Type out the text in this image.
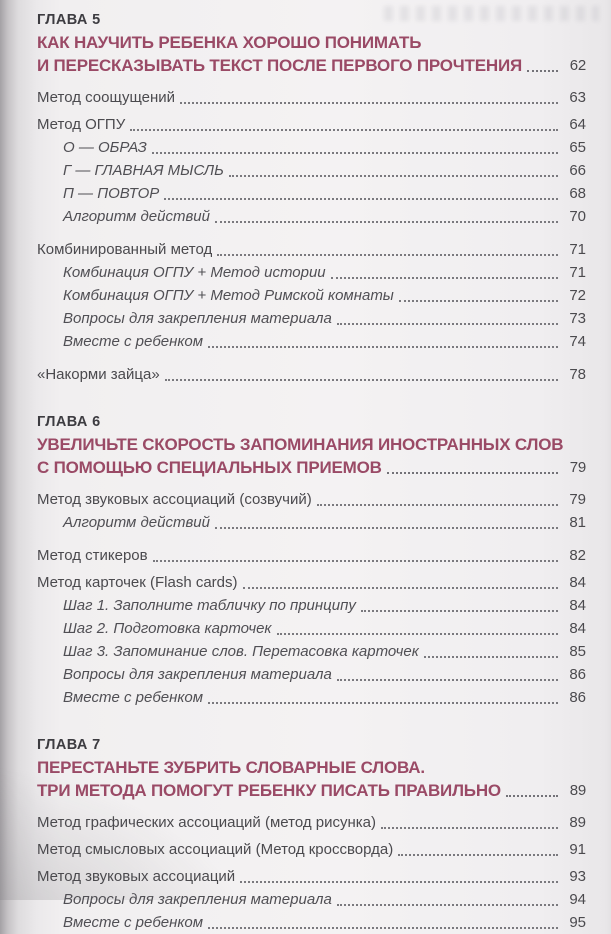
ГЛАВА 5
КАК НАУЧИТЬ РЕБЕНКА ХОРОШО ПОНИМАТЬ
И ПЕРЕСКАЗЫВАТЬ ТЕКСТ ПОСЛЕ ПЕРВОГО ПРОЧТЕНИЯ	62
Метод соощущений	63
Метод ОГПУ	64
О — ОБРАЗ	65
Г — ГЛАВНАЯ МЫСЛЬ	66
П — ПОВТОР	68
Алгоритм действий	70
Комбинированный метод	71
Комбинация ОГПУ + Метод истории	71
Комбинация ОГПУ + Метод Римской комнаты	72
Вопросы для закрепления материала	73
Вместе с ребенком	74
«Накорми зайца»	78
ГЛАВА 6
УВЕЛИЧЬТЕ СКОРОСТЬ ЗАПОМИНАНИЯ ИНОСТРАННЫХ СЛОВ
С ПОМОЩЬЮ СПЕЦИАЛЬНЫХ ПРИЕМОВ	79
Метод звуковых ассоциаций (созвучий)	79
Алгоритм действий	81
Метод стикеров	82
Метод карточек (Flash cards)	84
Шаг 1. Заполните табличку по принципу	84
Шаг 2. Подготовка карточек	84
Шаг 3. Запоминание слов. Перетасовка карточек	85
Вопросы для закрепления материала	86
Вместе с ребенком	86
ГЛАВА 7
ПЕРЕСТАНЬТЕ ЗУБРИТЬ СЛОВАРНЫЕ СЛОВА.
ТРИ МЕТОДА ПОМОГУТ РЕБЕНКУ ПИСАТЬ ПРАВИЛЬНО	89
Метод графических ассоциаций (метод рисунка)	89
Метод смысловых ассоциаций (Метод кроссворда)	91
Метод звуковых ассоциаций	93
Вопросы для закрепления материала	94
Вместе с ребенком	95
